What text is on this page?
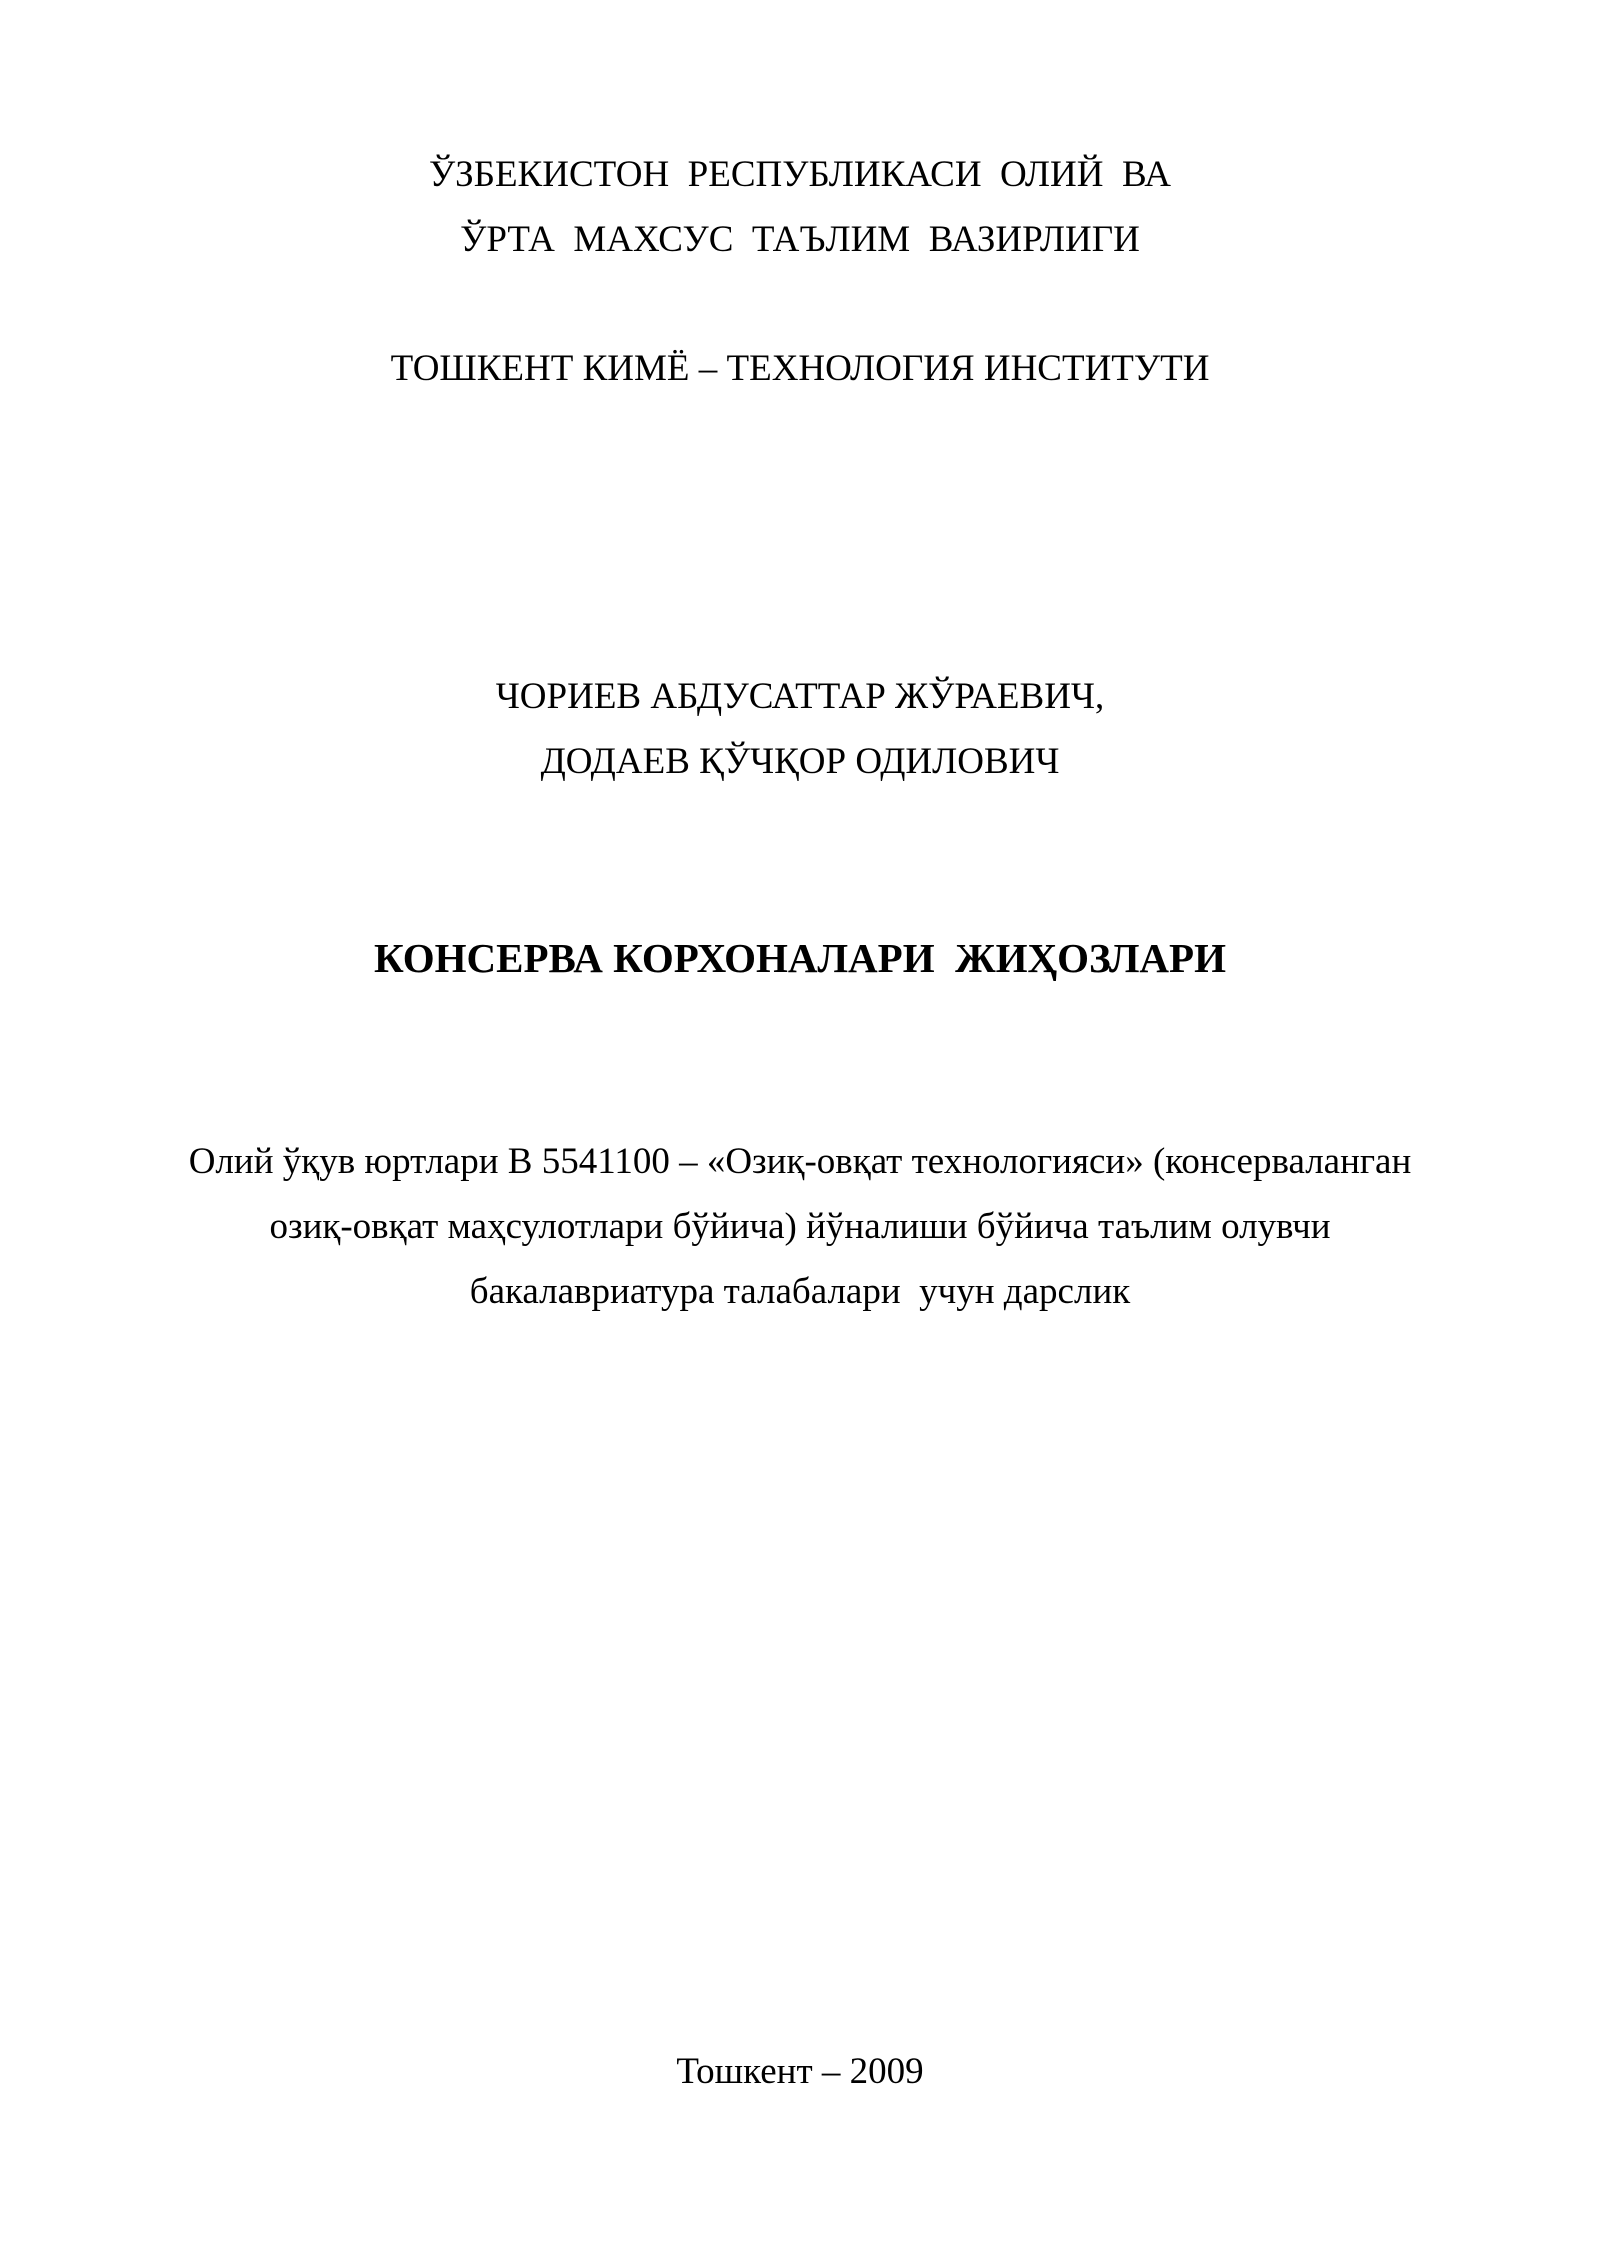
ЎЗБЕКИСТОН  РЕСПУБЛИКАСИ  ОЛИЙ  ВА
ЎРТА  МАХСУС  ТАЪЛИМ  ВАЗИРЛИГИ
ТОШКЕНТ КИМЁ – ТЕХНОЛОГИЯ ИНСТИТУТИ
ЧОРИЕВ АБДУСАТТАР ЖЎРАЕВИЧ,
ДОДАЕВ ҚЎЧҚОР ОДИЛОВИЧ
КОНСЕРВА КОРХОНАЛАРИ  ЖИҲОЗЛАРИ
Олий ўқув юртлари В 5541100 – «Озиқ-овқат технологияси» (консерваланган
озиқ-овқат маҳсулотлари бўйича) йўналиши бўйича таълим олувчи
бакалавриатура талабалари  учун дарслик
Тошкент – 2009
